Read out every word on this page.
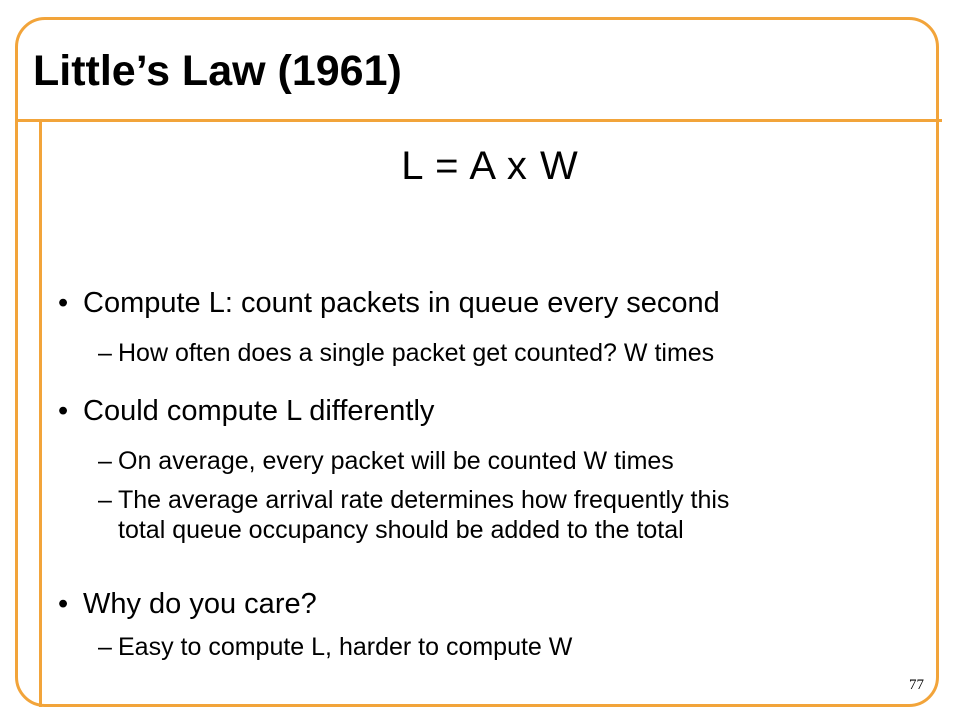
Little’s Law (1961)
L = A x W
• Compute L: count packets in queue every second
– How often does a single packet get counted? W times
• Could compute L differently
– On average, every packet will be counted W times
– The average arrival rate determines how frequently this
total queue occupancy should be added to the total
• Why do you care?
– Easy to compute L, harder to compute W
77
